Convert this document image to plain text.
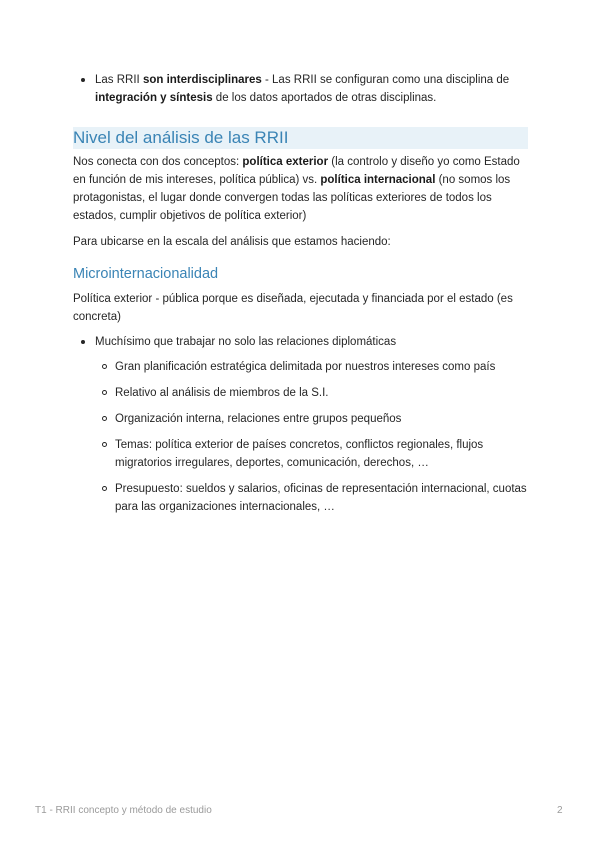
Las RRII son interdisciplinares - Las RRII se configuran como una disciplina de integración y síntesis de los datos aportados de otras disciplinas.
Nivel del análisis de las RRII
Nos conecta con dos conceptos: política exterior (la controlo y diseño yo como Estado en función de mis intereses, política pública) vs. política internacional (no somos los protagonistas, el lugar donde convergen todas las políticas exteriores de todos los estados, cumplir objetivos de política exterior)
Para ubicarse en la escala del análisis que estamos haciendo:
Microinternacionalidad
Política exterior - pública porque es diseñada, ejecutada y financiada por el estado (es concreta)
Muchísimo que trabajar no solo las relaciones diplomáticas
Gran planificación estratégica delimitada por nuestros intereses como país
Relativo al análisis de miembros de la S.I.
Organización interna, relaciones entre grupos pequeños
Temas: política exterior de países concretos, conflictos regionales, flujos migratorios irregulares, deportes, comunicación, derechos, …
Presupuesto: sueldos y salarios, oficinas de representación internacional, cuotas para las organizaciones internacionales, …
T1 - RRII concepto y método de estudio	2
